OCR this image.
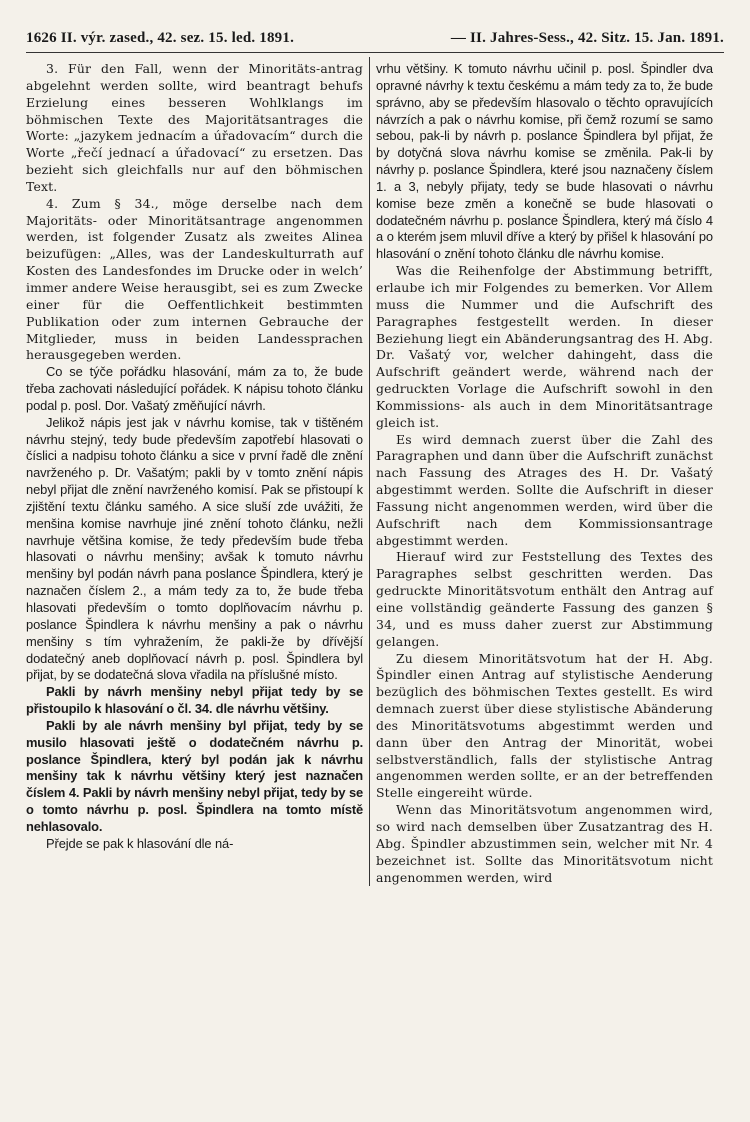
1626 II. výr. zased., 42. sez. 15. led. 1891.	— II. Jahres-Sess., 42. Sitz. 15. Jan. 1891.

3. Für den Fall, wenn der Minoritäts-antrag abgelehnt werden sollte, wird beantragt behufs Erzielung eines besseren Wohlklangs im böhmischen Texte des Majoritätsantrages die Worte: „jazykem jednacím a úřadovacím“ durch die Worte „řečí jednací a úřadovací“ zu ersetzen. Das bezieht sich gleichfalls nur auf den böhmischen Text.

4. Zum § 34., möge derselbe nach dem Majoritäts- oder Minoritätsantrage angenommen werden, ist folgender Zusatz als zweites Alinea beizufügen: „Alles, was der Landeskulturrath auf Kosten des Landesfondes im Drucke oder in welch’ immer andere Weise herausgibt, sei es zum Zwecke einer für die Oeffentlichkeit bestimmten Publikation oder zum internen Gebrauche der Mitglieder, muss in beiden Landessprachen herausgegeben werden.

Co se týče pořádku hlasování, mám za to, že bude třeba zachovati následující pořádek. K nápisu tohoto článku podal p. posl. Dor. Vašatý změňující návrh.

Jelikož nápis jest jak v návrhu komise, tak v tištěném návrhu stejný, tedy bude především zapotřebí hlasovati o číslici a nadpisu tohoto článku a sice v první řadě dle znění navrženého p. Dr. Vašatým; pakli by v tomto znění nápis nebyl přijat dle znění navrženého komisí. Pak se přistoupí k zjištění textu článku samého. A sice sluší zde uvážiti, že menšina komise navrhuje jiné znění tohoto článku, nežli navrhuje většina komise, že tedy především bude třeba hlasovati o návrhu menšiny; avšak k tomuto návrhu menšiny byl podán návrh pana poslance Špindlera, který je naznačen číslem 2., a mám tedy za to, že bude třeba hlasovati především o tomto doplňovacím návrhu p. poslance Špindlera k návrhu menšiny a pak o návrhu menšiny s tím vyhražením, že pakli-že by dřívější dodatečný aneb doplňovací návrh p. posl. Špindlera byl přijat, by se dodatečná slova vřadila na příslušné místo.

Pakli by návrh menšiny nebyl přijat tedy by se přistoupilo k hlasování o čl. 34. dle návrhu většiny.

Pakli by ale návrh menšiny byl přijat, tedy by se musilo hlasovati ještě o dodatečném návrhu p. poslance Špindlera, který byl podán jak k návrhu menšiny tak k návrhu většiny který jest naznačen číslem 4. Pakli by návrh menšiny nebyl přijat, tedy by se o tomto návrhu p. posl. Špindlera na tomto místě nehlasovalo.

Přejde se pak k hlasování dle ná-

vrhu většiny. K tomuto návrhu učinil p. posl. Špindler dva opravné návrhy k textu českému a mám tedy za to, že bude správno, aby se především hlasovalo o těchto opravujících návrzích a pak o návrhu komise, při čemž rozumí se samo sebou, pak-li by návrh p. poslance Špindlera byl přijat, že by dotyčná slova návrhu komise se změnila. Pak-li by návrhy p. poslance Špindlera, které jsou naznačeny číslem 1. a 3, nebyly přijaty, tedy se bude hlasovati o návrhu komise beze změn a konečně se bude hlasovati o dodatečném návrhu p. poslance Špindlera, který má číslo 4 a o kterém jsem mluvil dříve a který by přišel k hlasování po hlasování o znění tohoto článku dle návrhu komise.

Was die Reihenfolge der Abstimmung betrifft, erlaube ich mir Folgendes zu bemerken. Vor Allem muss die Nummer und die Aufschrift des Paragraphes festgestellt werden. In dieser Beziehung liegt ein Abänderungsantrag des H. Abg. Dr. Vašatý vor, welcher dahingeht, dass die Aufschrift geändert werde, während nach der gedruckten Vorlage die Aufschrift sowohl in den Kommissions- als auch in dem Minoritätsantrage gleich ist.

Es wird demnach zuerst über die Zahl des Paragraphen und dann über die Aufschrift zunächst nach Fassung des Atrages des H. Dr. Vašatý abgestimmt werden. Sollte die Aufschrift in dieser Fassung nicht angenommen werden, wird über die Aufschrift nach dem Kommissionsantrage abgestimmt werden.

Hierauf wird zur Feststellung des Textes des Paragraphes selbst geschritten werden. Das gedruckte Minoritätsvotum enthält den Antrag auf eine vollständig geänderte Fassung des ganzen § 34, und es muss daher zuerst zur Abstimmung gelangen.

Zu diesem Minoritätsvotum hat der H. Abg. Špindler einen Antrag auf stylistische Aenderung bezüglich des böhmischen Textes gestellt. Es wird demnach zuerst über diese stylistische Abänderung des Minoritätsvotums abgestimmt werden und dann über den Antrag der Minorität, wobei selbstverständlich, falls der stylistische Antrag angenommen werden sollte, er an der betreffenden Stelle eingereiht würde.

Wenn das Minoritätsvotum angenommen wird, so wird nach demselben über Zusatzantrag des H. Abg. Špindler abzustimmen sein, welcher mit Nr. 4 bezeichnet ist. Sollte das Minoritätsvotum nicht angenommen werden, wird
